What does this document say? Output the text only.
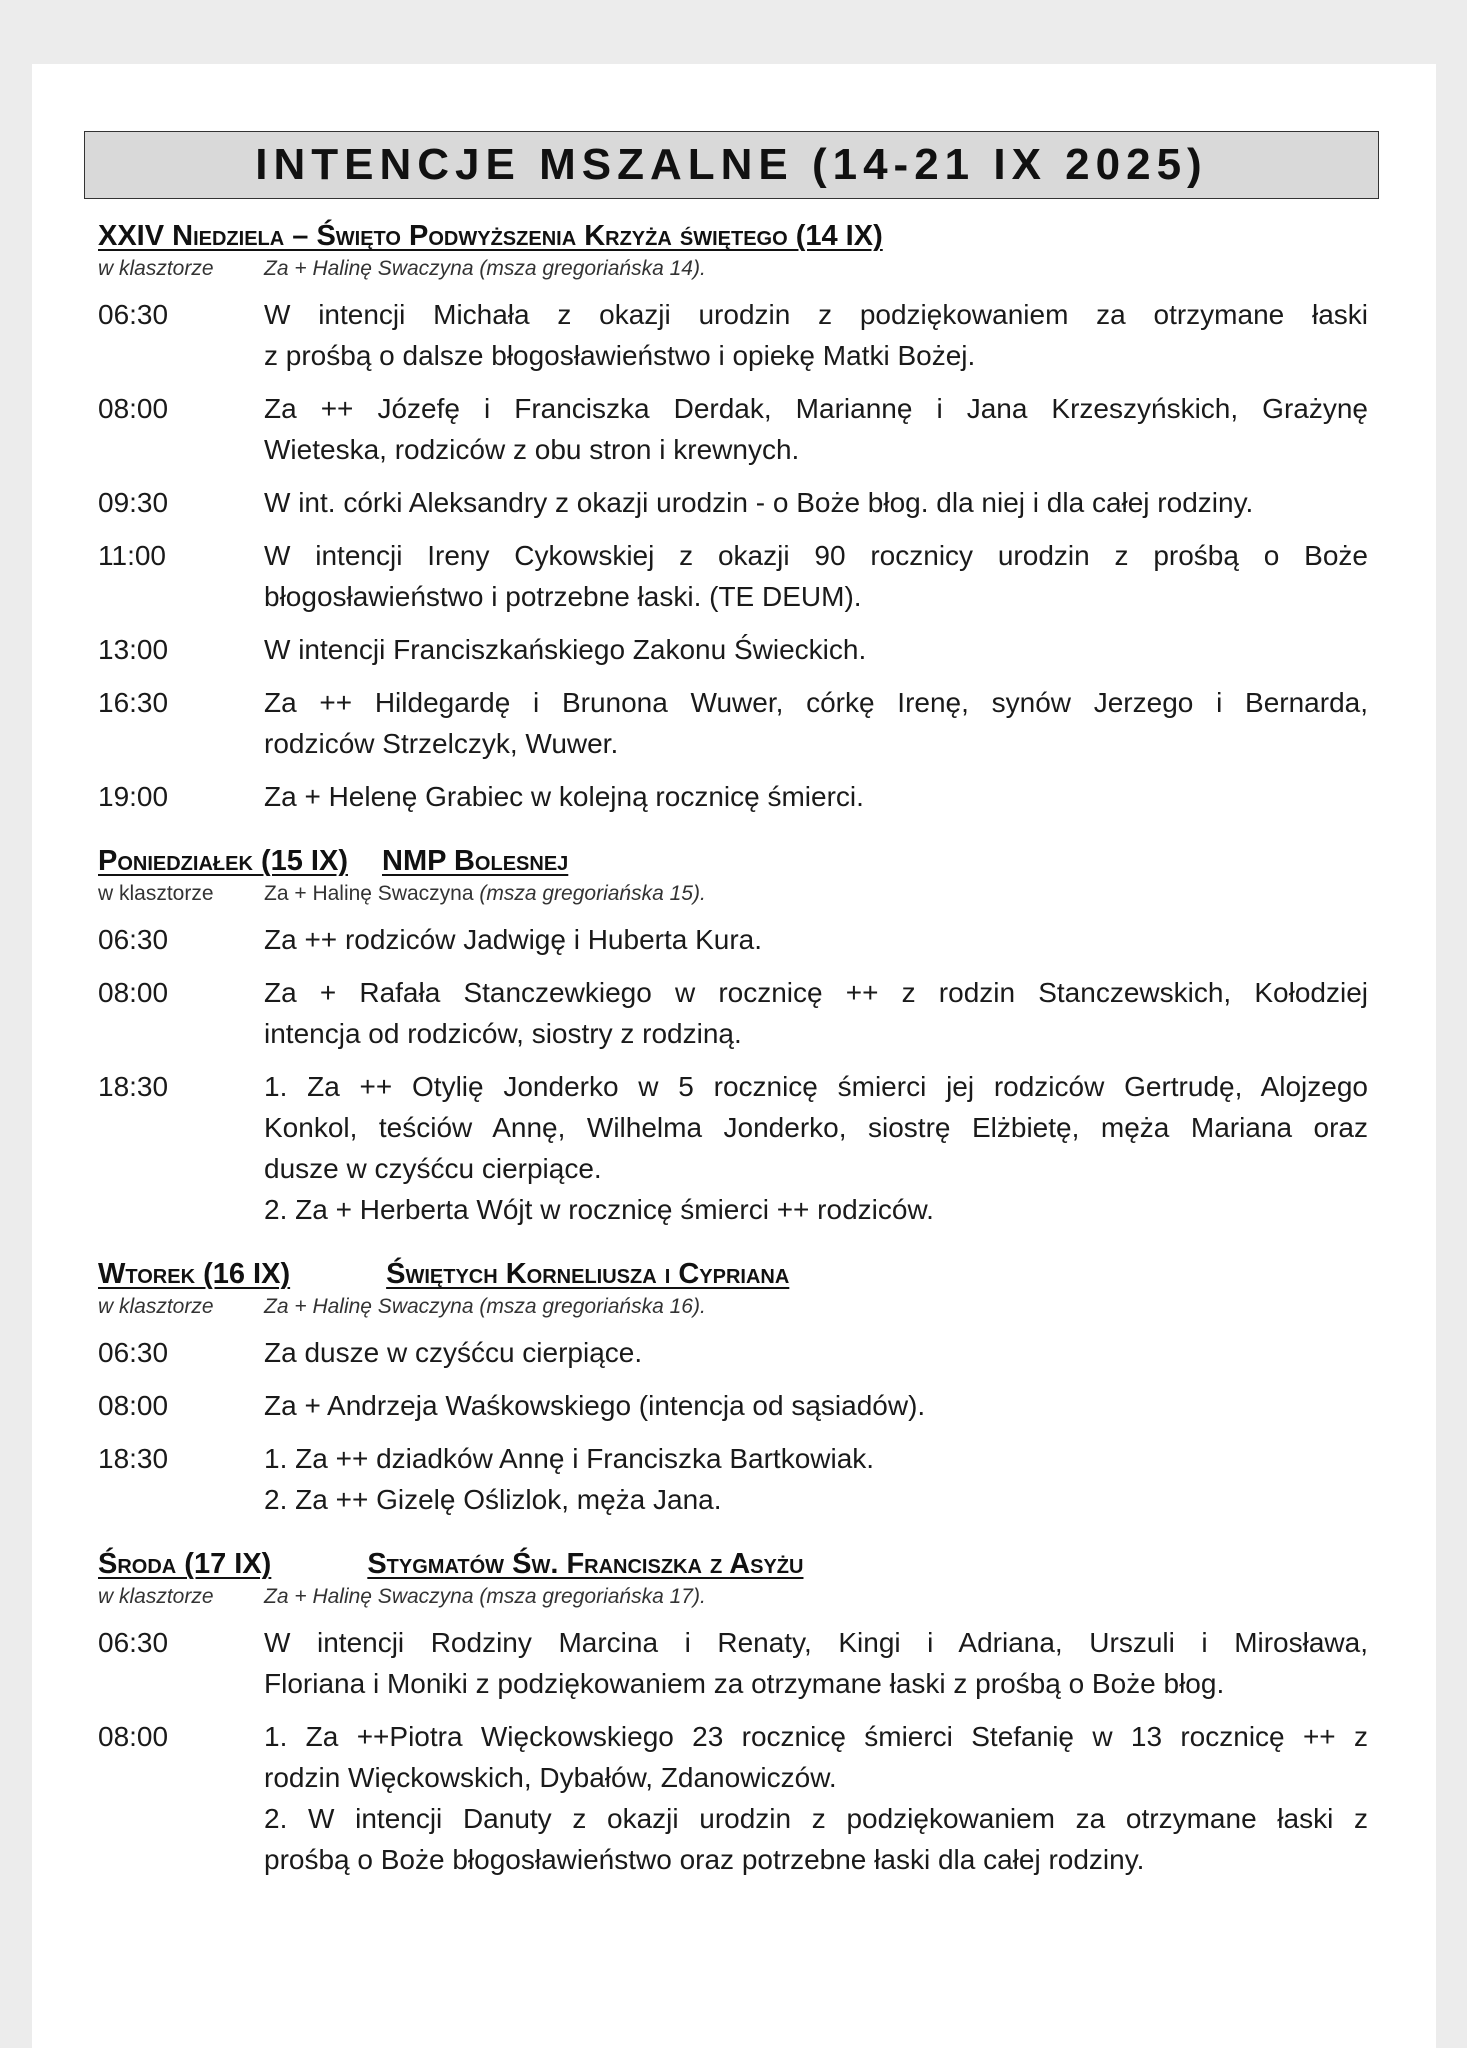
INTENCJE MSZALNE (14-21 IX 2025)
XXIV Niedziela – Święto Podwyższenia Krzyża świętego (14 IX)
w klasztorze Za + Halinę Swaczyna (msza gregoriańska 14).
06:30	W intencji Michała z okazji urodzin z podziękowaniem za otrzymane łaski
z prośbą o dalsze błogosławieństwo i opiekę Matki Bożej.
08:00	Za ++ Józefę i Franciszka Derdak, Mariannę i Jana Krzeszyńskich, Grażynę
Wieteska, rodziców z obu stron i krewnych.
09:30	W int. córki Aleksandry z okazji urodzin - o Boże błog. dla niej i dla całej rodziny.
11:00	W intencji Ireny Cykowskiej z okazji 90 rocznicy urodzin z prośbą o Boże
błogosławieństwo i potrzebne łaski. (TE DEUM).
13:00	W intencji Franciszkańskiego Zakonu Świeckich.
16:30	Za ++ Hildegardę i Brunona Wuwer, córkę Irenę, synów Jerzego i Bernarda,
rodziców Strzelczyk, Wuwer.
19:00	Za + Helenę Grabiec w kolejną rocznicę śmierci.
Poniedziałek (15 IX) NMP Bolesnej
w klasztorze Za + Halinę Swaczyna (msza gregoriańska 15).
06:30	Za ++ rodziców Jadwigę i Huberta Kura.
08:00	Za + Rafała Stanczewkiego w rocznicę ++ z rodzin Stanczewskich, Kołodziej
intencja od rodziców, siostry z rodziną.
18:30	1. Za ++ Otylię Jonderko w 5 rocznicę śmierci jej rodziców Gertrudę, Alojzego
Konkol, teściów Annę, Wilhelma Jonderko, siostrę Elżbietę, męża Mariana oraz
dusze w czyśćcu cierpiące.
2. Za + Herberta Wójt w rocznicę śmierci ++ rodziców.
Wtorek (16 IX)	Świętych Korneliusza i Cypriana
w klasztorze Za + Halinę Swaczyna (msza gregoriańska 16).
06:30	Za dusze w czyśćcu cierpiące.
08:00	Za + Andrzeja Waśkowskiego (intencja od sąsiadów).
18:30	1. Za ++ dziadków Annę i Franciszka Bartkowiak.
2. Za ++ Gizelę Oślizlok, męża Jana.
Środa (17 IX)	Stygmatów Św. Franciszka z Asyżu
w klasztorze Za + Halinę Swaczyna (msza gregoriańska 17).
06:30	W intencji Rodziny Marcina i Renaty, Kingi i Adriana, Urszuli i Mirosława,
Floriana i Moniki z podziękowaniem za otrzymane łaski z prośbą o Boże błog.
08:00	1. Za ++Piotra Więckowskiego 23 rocznicę śmierci Stefanię w 13 rocznicę ++ z
rodzin Więckowskich, Dybałów, Zdanowiczów.
2. W intencji Danuty z okazji urodzin z podziękowaniem za otrzymane łaski z
prośbą o Boże błogosławieństwo oraz potrzebne łaski dla całej rodziny.
